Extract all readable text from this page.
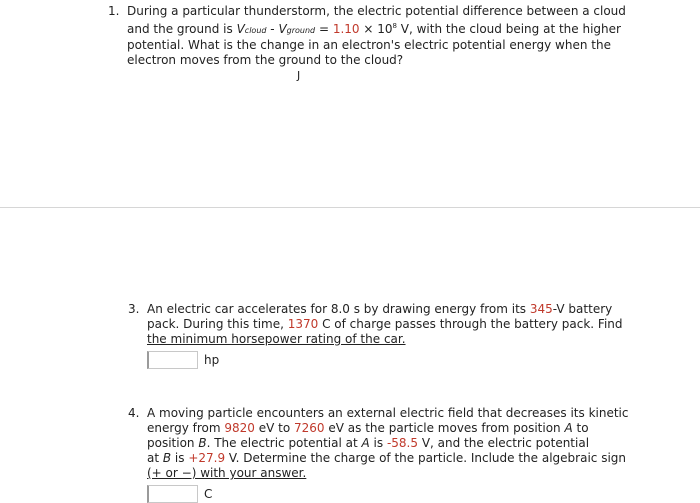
1. During a particular thunderstorm, the electric potential difference between a cloud
and the ground is Vcloud - Vground = $1.10 \times 10^8$ V, with the cloud being at the higher
potential. What is the change in an electron's electric potential energy when the
electron moves from the ground to the cloud?
J
3. An electric car accelerates for 8.0 s by drawing energy from its 345-V battery
pack. During this time, 1370 C of charge passes through the battery pack. Find
the minimum horsepower rating of the car.
hp
4. A moving particle encounters an external electric field that decreases its kinetic
energy from 9820 eV to 7260 eV as the particle moves from position A to
position B. The electric potential at A is -58.5 V, and the electric potential
at B is +27.9 V. Determine the charge of the particle. Include the algebraic sign
(+ or −) with your answer.
C
